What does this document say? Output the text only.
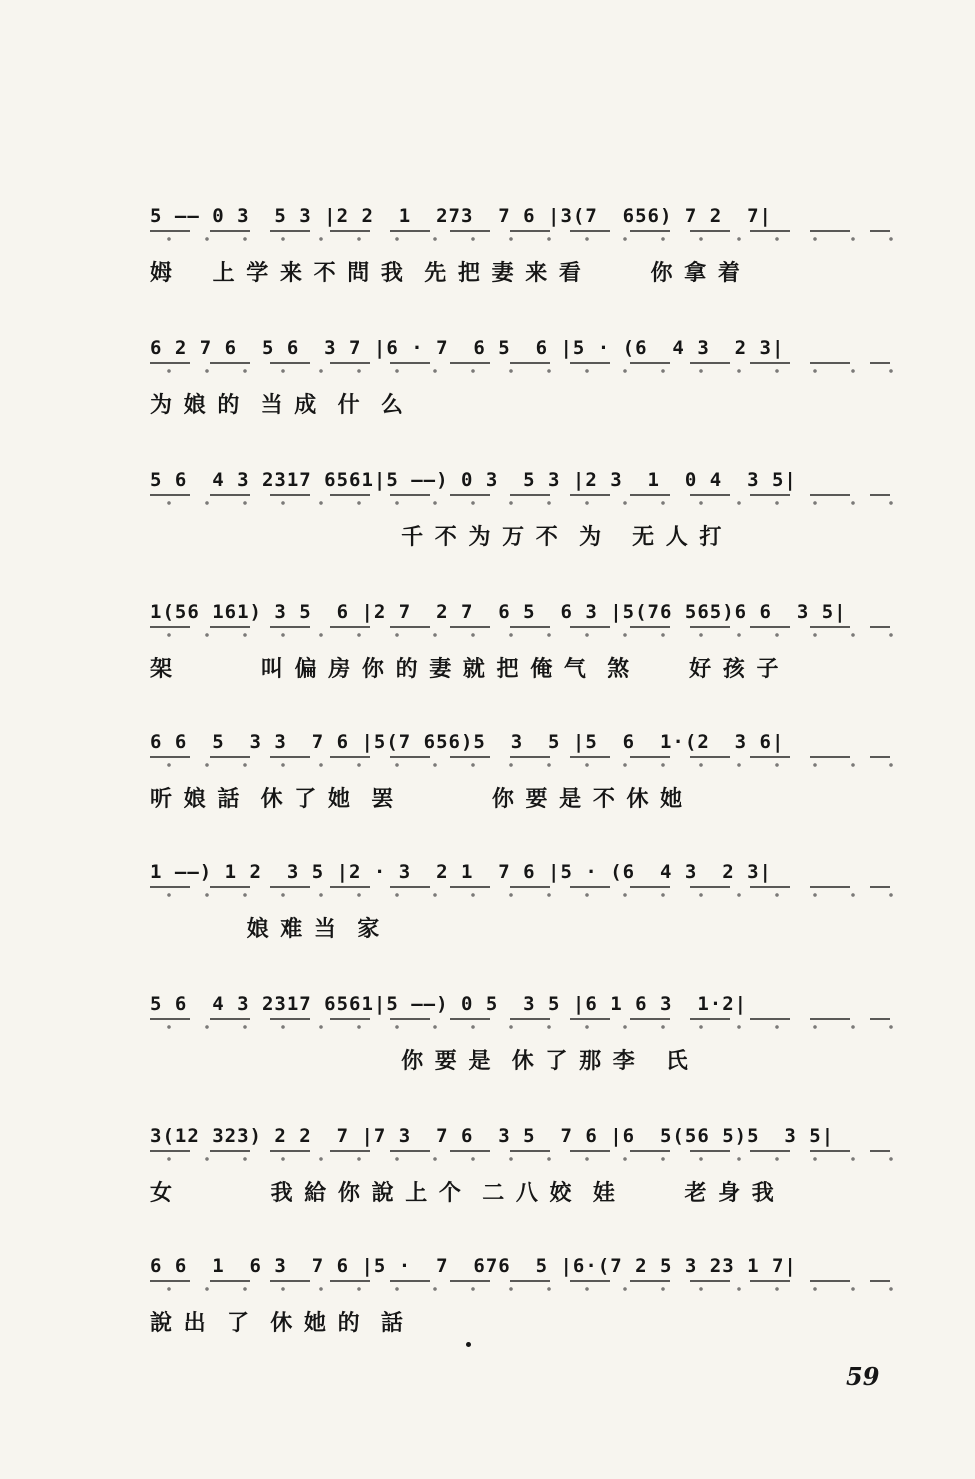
5 —— 0 3  5 3 |2 2  1  273  7 6 |3(7  656) 7 2  7|
姆    上 学 来 不 問 我  先 把 妻 来 看       你 拿 着
6 2 7 6  5 6  3 7 |6 · 7  6 5  6 |5 · (6  4 3  2 3|
为 娘 的  当 成  什  么
5 6  4 3 2317 6561|5 ——) 0 3  5 3 |2 3  1  0 4  3 5|
千 不 为 万 不  为   无 人 打
1(56 161) 3 5  6 |2 7  2 7  6 5  6 3 |5(76 565)6 6  3 5|
架         叫 偏 房 你 的 妻 就 把 俺 气  煞      好 孩 子
6 6  5  3 3  7 6 |5(7 656)5  3  5 |5  6  1·(2  3 6|
听 娘 話  休 了 她  罢          你 要 是 不 休 她
1 ——) 1 2  3 5 |2 · 3  2 1  7 6 |5 · (6  4 3  2 3|
娘 难 当  家
5 6  4 3 2317 6561|5 ——) 0 5  3 5 |6 1 6 3  1·2|
你 要 是  休 了 那 李   氏
3(12 323) 2 2  7 |7 3  7 6  3 5  7 6 |6  5(56 5)5  3 5|
女          我 給 你 說 上 个  二 八 姣  娃       老 身 我
6 6  1  6 3  7 6 |5 ·  7  676  5 |6·(7 2 5 3 23 1 7|
說 出  了  休 她 的  話
59
